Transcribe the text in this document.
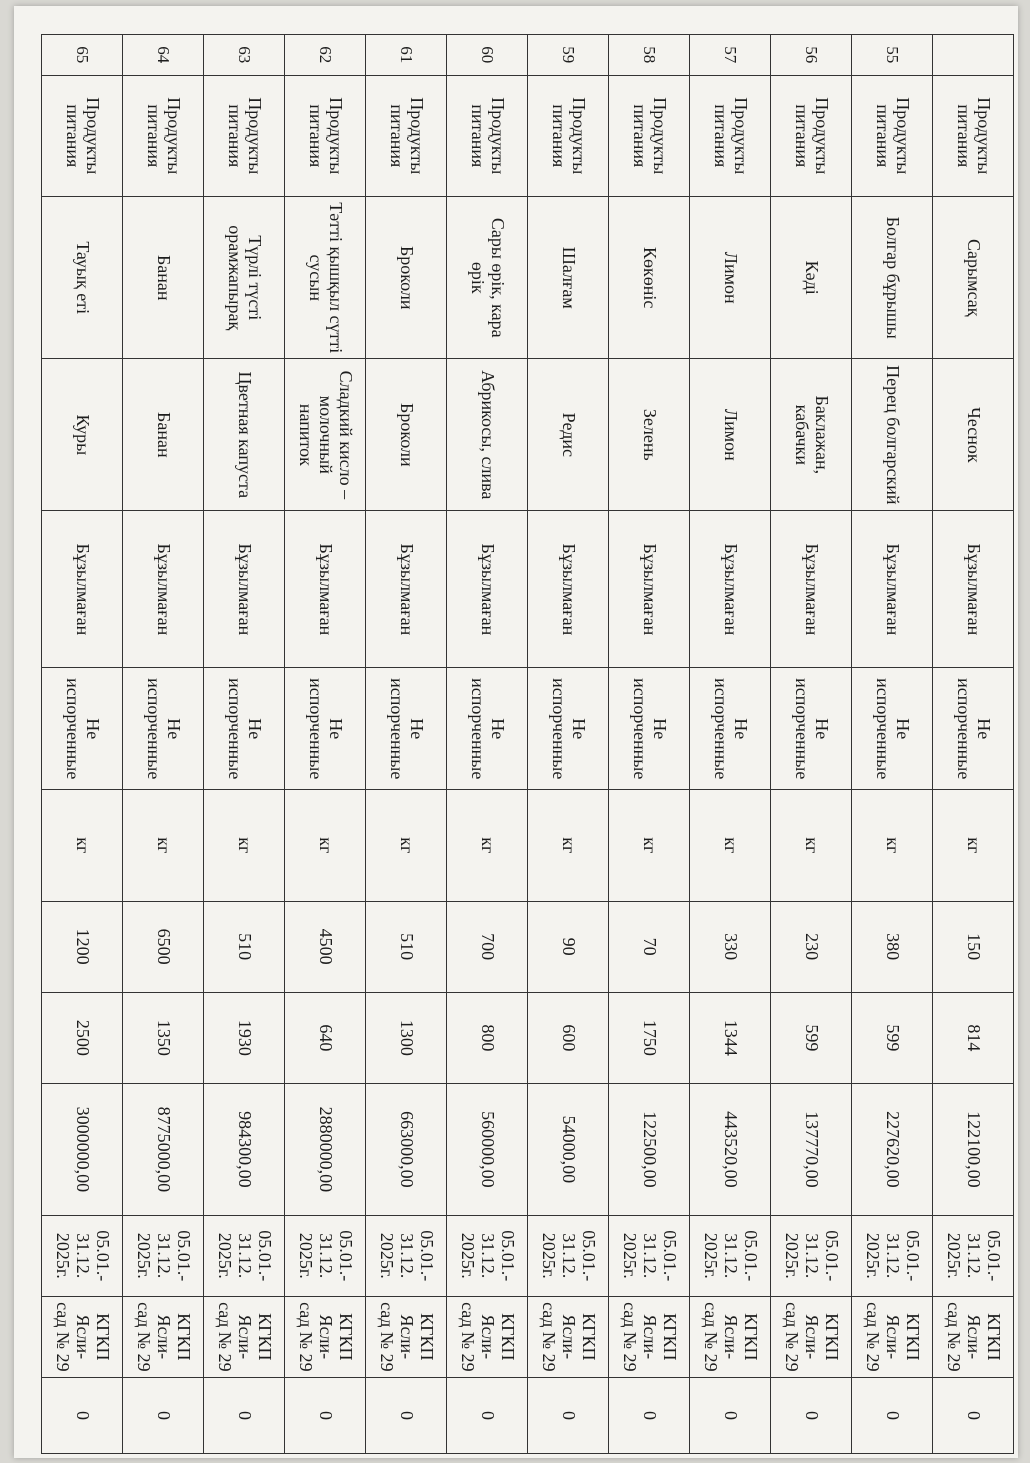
	Продукты питания	Сарымсақ	Чеснок	Бұзылмаған	Не испорченные	кг	150	814	122100,00	05.01.- 31.12. 2025г.	КГКП Ясли- сад № 29	0
55	Продукты питания	Болгар бұрышы	Перец болгарский	Бұзылмаған	Не испорченные	кг	380	599	227620,00	05.01.- 31.12. 2025г.	КГКП Ясли- сад № 29	0
56	Продукты питания	Кәді	Баклажан, кабачки	Бұзылмаған	Не испорченные	кг	230	599	137770,00	05.01.- 31.12. 2025г.	КГКП Ясли- сад № 29	0
57	Продукты питания	Лимон	Лимон	Бұзылмаған	Не испорченные	кг	330	1344	443520,00	05.01.- 31.12. 2025г.	КГКП Ясли- сад № 29	0
58	Продукты питания	Көкөніс	Зелень	Бұзылмаған	Не испорченные	кг	70	1750	122500,00	05.01.- 31.12. 2025г.	КГКП Ясли- сад № 29	0
59	Продукты питания	Шалғам	Редис	Бұзылмаған	Не испорченные	кг	90	600	54000,00	05.01.- 31.12. 2025г.	КГКП Ясли- сад № 29	0
60	Продукты питания	Сары өрік, кара өрік	Абрикосы, слива	Бұзылмаған	Не испорченные	кг	700	800	560000,00	05.01.- 31.12. 2025г.	КГКП Ясли- сад № 29	0
61	Продукты питания	Броколи	Броколи	Бұзылмаған	Не испорченные	кг	510	1300	663000,00	05.01.- 31.12. 2025г.	КГКП Ясли- сад № 29	0
62	Продукты питания	Тәтті қышқыл сүтті сусын	Сладкий кисло – молочный напиток	Бұзылмаған	Не испорченные	кг	4500	640	2880000,00	05.01.- 31.12. 2025г.	КГКП Ясли- сад № 29	0
63	Продукты питания	Түрлі түсті орамжапырақ	Цветная капуста	Бұзылмаған	Не испорченные	кг	510	1930	984300,00	05.01.- 31.12. 2025г.	КГКП Ясли- сад № 29	0
64	Продукты питания	Банан	Банан	Бұзылмаған	Не испорченные	кг	6500	1350	8775000,00	05.01.- 31.12. 2025г.	КГКП Ясли- сад № 29	0
65	Продукты питания	Тауық еті	Куры	Бұзылмаған	Не испорченные	кг	1200	2500	3000000,00	05.01.- 31.12. 2025г.	КГКП Ясли- сад № 29	0
